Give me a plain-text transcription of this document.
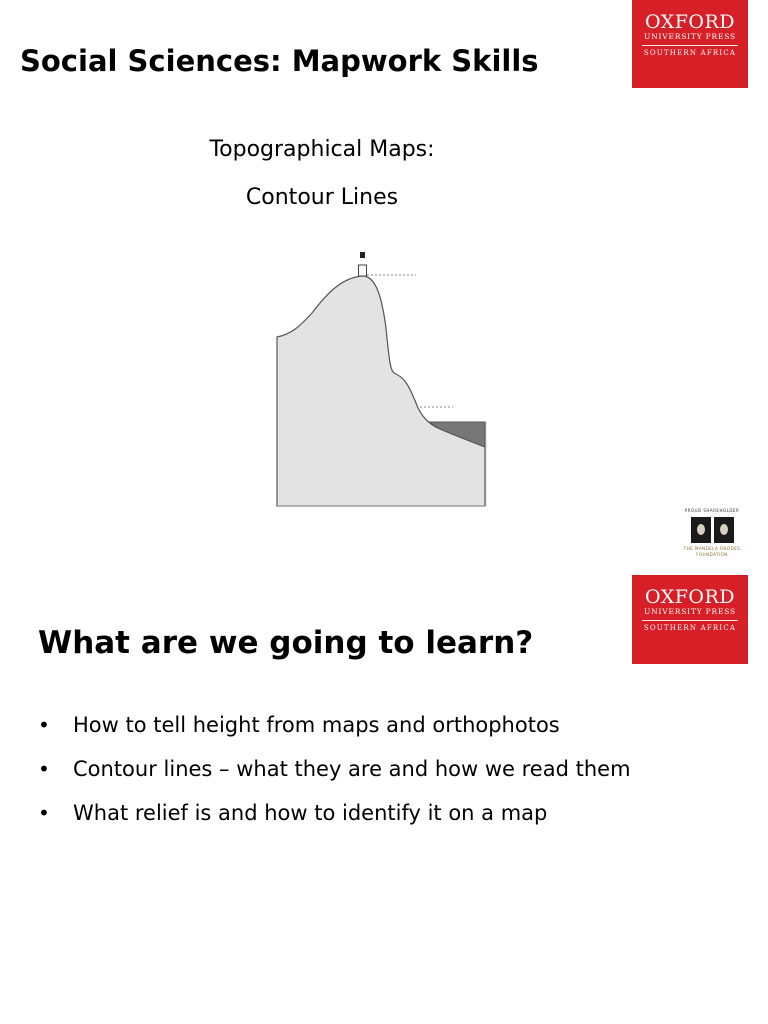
OXFORD
UNIVERSITY PRESS
SOUTHERN AFRICA
Social Sciences: Mapwork Skills
Topographical Maps:
Contour Lines
PROUD SHAREHOLDER
THE MANDELA RHODES FOUNDATION
OXFORD
UNIVERSITY PRESS
SOUTHERN AFRICA
What are we going to learn?
• How to tell height from maps and orthophotos
• Contour lines – what they are and how we read them
• What relief is and how to identify it on a map
